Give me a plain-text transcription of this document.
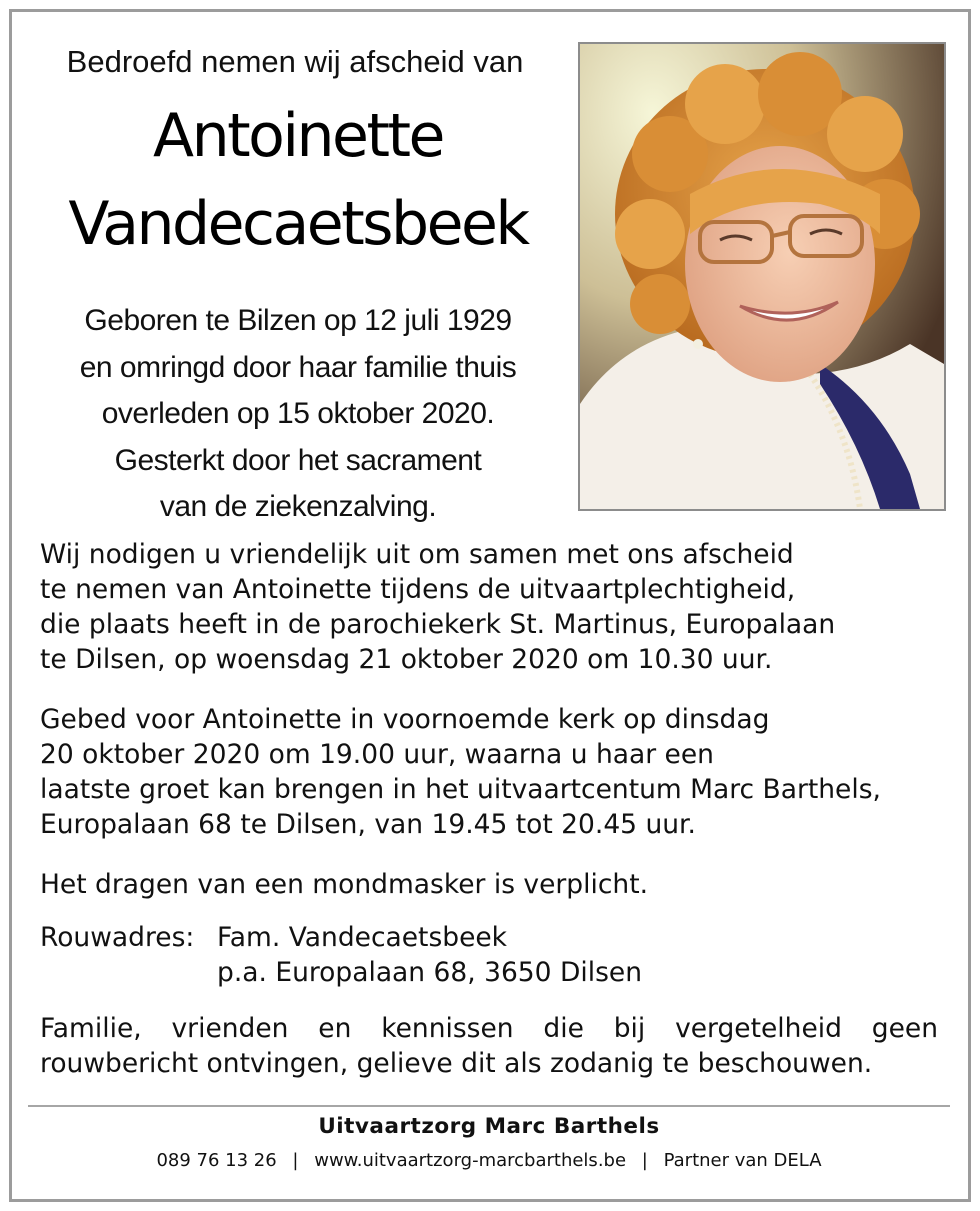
Bedroefd nemen wij afscheid van

Antoinette
Vandecaetsbeek
Geboren te Bilzen op 12 juli 1929
en omringd door haar familie thuis
overleden op 15 oktober 2020.
Gesterkt door het sacrament
van de ziekenzalving.
Wij nodigen u vriendelijk uit om samen met ons afscheid
te nemen van Antoinette tijdens de uitvaartplechtigheid,
die plaats heeft in de parochiekerk St. Martinus, Europalaan
te Dilsen, op woensdag 21 oktober 2020 om 10.30 uur.
Gebed voor Antoinette in voornoemde kerk op dinsdag
20 oktober 2020 om 19.00 uur, waarna u haar een
laatste groet kan brengen in het uitvaartcentum Marc Barthels,
Europalaan 68 te Dilsen, van 19.45 tot 20.45 uur.
Het dragen van een mondmasker is verplicht.
Rouwadres: Fam. Vandecaetsbeek
p.a. Europalaan 68, 3650 Dilsen
Familie, vrienden en kennissen die bij vergetelheid geen
rouwbericht ontvingen, gelieve dit als zodanig te beschouwen.
Uitvaartzorg Marc Barthels
089 76 13 26 | www.uitvaartzorg-marcbarthels.be | Partner van DELA
